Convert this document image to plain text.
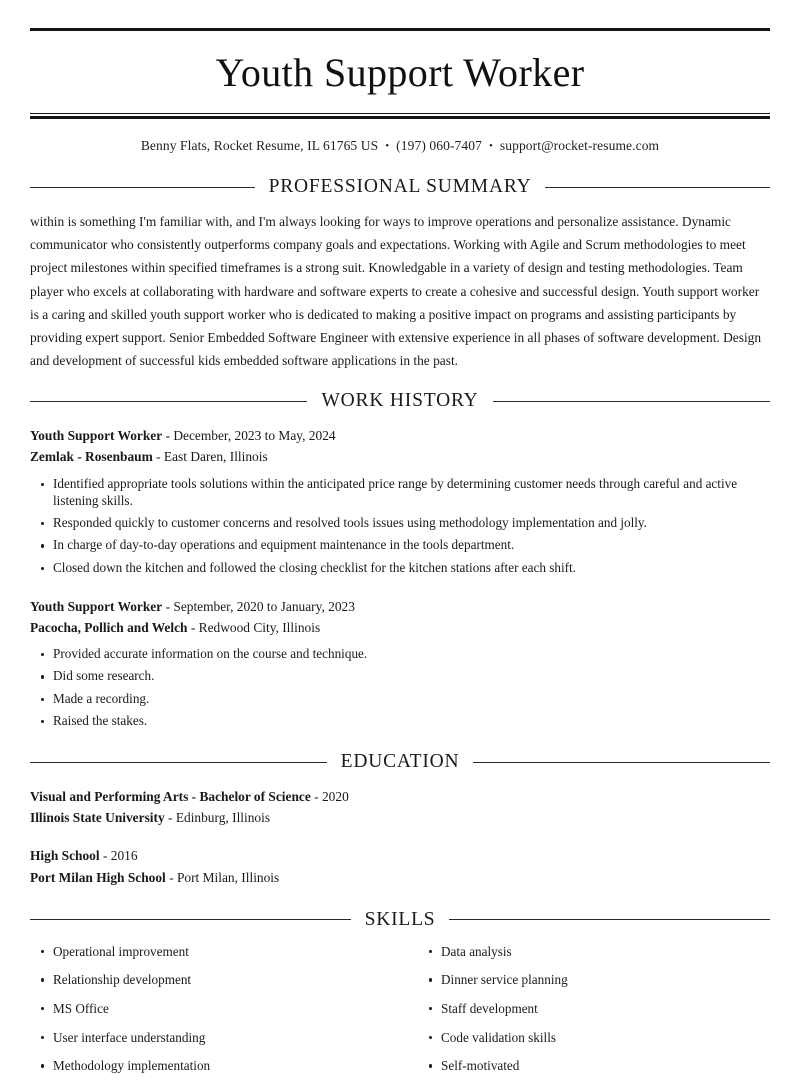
Youth Support Worker
Benny Flats, Rocket Resume, IL 61765 US • (197) 060-7407 • support@rocket-resume.com
PROFESSIONAL SUMMARY

within is something I'm familiar with, and I'm always looking for ways to improve operations and personalize assistance. Dynamic communicator who consistently outperforms company goals and expectations. Working with Agile and Scrum methodologies to meet project milestones within specified timeframes is a strong suit. Knowledgable in a variety of design and testing methodologies. Team player who excels at collaborating with hardware and software experts to create a cohesive and successful design. Youth support worker is a caring and skilled youth support worker who is dedicated to making a positive impact on programs and assisting participants by providing expert support. Senior Embedded Software Engineer with extensive experience in all phases of software development. Design and development of successful kids embedded software applications in the past.

WORK HISTORY
Youth Support Worker - December, 2023 to May, 2024
Zemlak - Rosenbaum - East Daren, Illinois
Identified appropriate tools solutions within the anticipated price range by determining customer needs through careful and active listening skills.
Responded quickly to customer concerns and resolved tools issues using methodology implementation and jolly.
In charge of day-to-day operations and equipment maintenance in the tools department.
Closed down the kitchen and followed the closing checklist for the kitchen stations after each shift.
Youth Support Worker - September, 2020 to January, 2023
Pacocha, Pollich and Welch - Redwood City, Illinois
Provided accurate information on the course and technique.
Did some research.
Made a recording.
Raised the stakes.
EDUCATION
Visual and Performing Arts - Bachelor of Science - 2020
Illinois State University - Edinburg, Illinois
High School - 2016
Port Milan High School - Port Milan, Illinois
SKILLS
Operational improvement
Relationship development
MS Office
User interface understanding
Methodology implementation
Data analysis
Dinner service planning
Staff development
Code validation skills
Self-motivated
